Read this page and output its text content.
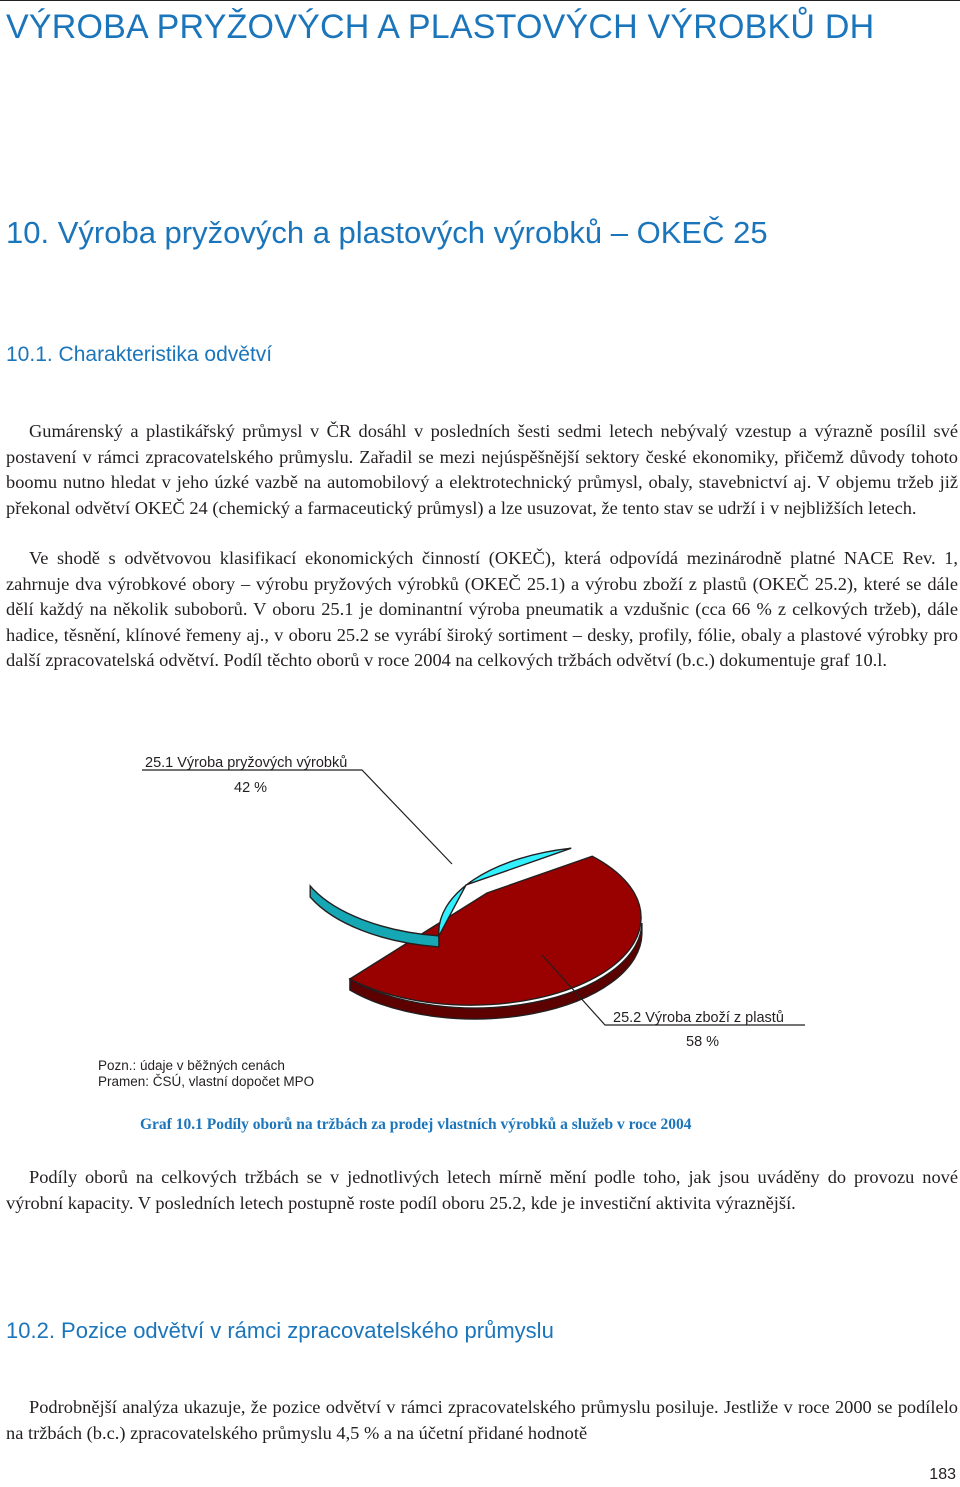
VÝROBA PRYŽOVÝCH A PLASTOVÝCH VÝROBKŮ DH
10. Výroba pryžových a plastových výrobků – OKEČ 25
10.1. Charakteristika odvětví

Gumárenský a plastikářský průmysl v ČR dosáhl v posledních šesti sedmi letech nebývalý vzestup a výrazně posílil své postavení v rámci zpracovatelského průmyslu. Zařadil se mezi nejúspěšnější sektory české ekonomiky, přičemž důvody tohoto boomu nutno hledat v jeho úzké vazbě na automobilový a elektrotechnický průmysl, obaly, stavebnictví aj. V objemu tržeb již překonal odvětví OKEČ 24 (chemický a farmaceutický průmysl) a lze usuzovat, že tento stav se udrží i v nejbližších letech.

Ve shodě s odvětvovou klasifikací ekonomických činností (OKEČ), která odpovídá mezinárodně platné NACE Rev. 1, zahrnuje dva výrobkové obory – výrobu pryžových výrobků (OKEČ 25.1) a výrobu zboží z plastů (OKEČ 25.2), které se dále dělí každý na několik suboborů. V oboru 25.1 je dominantní výroba pneumatik a vzdušnic (cca 66 % z celkových tržeb), dále hadice, těsnění, klínové řemeny aj., v oboru 25.2 se vyrábí široký sortiment – desky, profily, fólie, obaly a plastové výrobky pro další zpracovatelská odvětví. Podíl těchto oborů v roce 2004 na celkových tržbách odvětví (b.c.) dokumentuje graf 10.l.

25.1 Výroba pryžových výrobků
42 %
25.2 Výroba zboží z plastů
58 %
Pozn.: údaje v běžných cenách
Pramen: ČSÚ, vlastní dopočet MPO

Graf 10.1 Podíly oborů na tržbách za prodej vlastních výrobků a služeb v roce 2004

Podíly oborů na celkových tržbách se v jednotlivých letech mírně mění podle toho, jak jsou uváděny do provozu nové výrobní kapacity. V posledních letech postupně roste podíl oboru 25.2, kde je investiční aktivita výraznější.

10.2. Pozice odvětví v rámci zpracovatelského průmyslu

Podrobnější analýza ukazuje, že pozice odvětví v rámci zpracovatelského průmyslu posiluje. Jestliže v roce 2000 se podílelo na tržbách (b.c.) zpracovatelského průmyslu 4,5 % a na účetní přidané hodnotě

183
